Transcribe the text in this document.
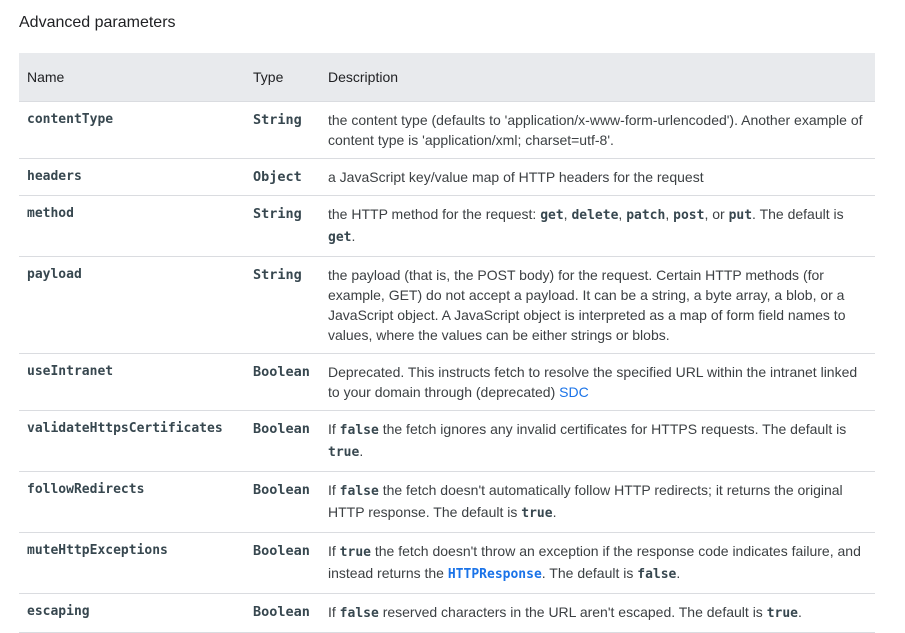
Advanced parameters
Name	Type	Description
contentType	String	the content type (defaults to 'application/x-www-form-urlencoded'). Another example of content type is 'application/xml; charset=utf-8'.
headers	Object	a JavaScript key/value map of HTTP headers for the request
method	String	the HTTP method for the request: get, delete, patch, post, or put. The default is get.
payload	String	the payload (that is, the POST body) for the request. Certain HTTP methods (for example, GET) do not accept a payload. It can be a string, a byte array, a blob, or a JavaScript object. A JavaScript object is interpreted as a map of form field names to values, where the values can be either strings or blobs.
useIntranet	Boolean	Deprecated. This instructs fetch to resolve the specified URL within the intranet linked to your domain through (deprecated) SDC
validateHttpsCertificates	Boolean	If false the fetch ignores any invalid certificates for HTTPS requests. The default is true.
followRedirects	Boolean	If false the fetch doesn't automatically follow HTTP redirects; it returns the original HTTP response. The default is true.
muteHttpExceptions	Boolean	If true the fetch doesn't throw an exception if the response code indicates failure, and instead returns the HTTPResponse. The default is false.
escaping	Boolean	If false reserved characters in the URL aren't escaped. The default is true.
